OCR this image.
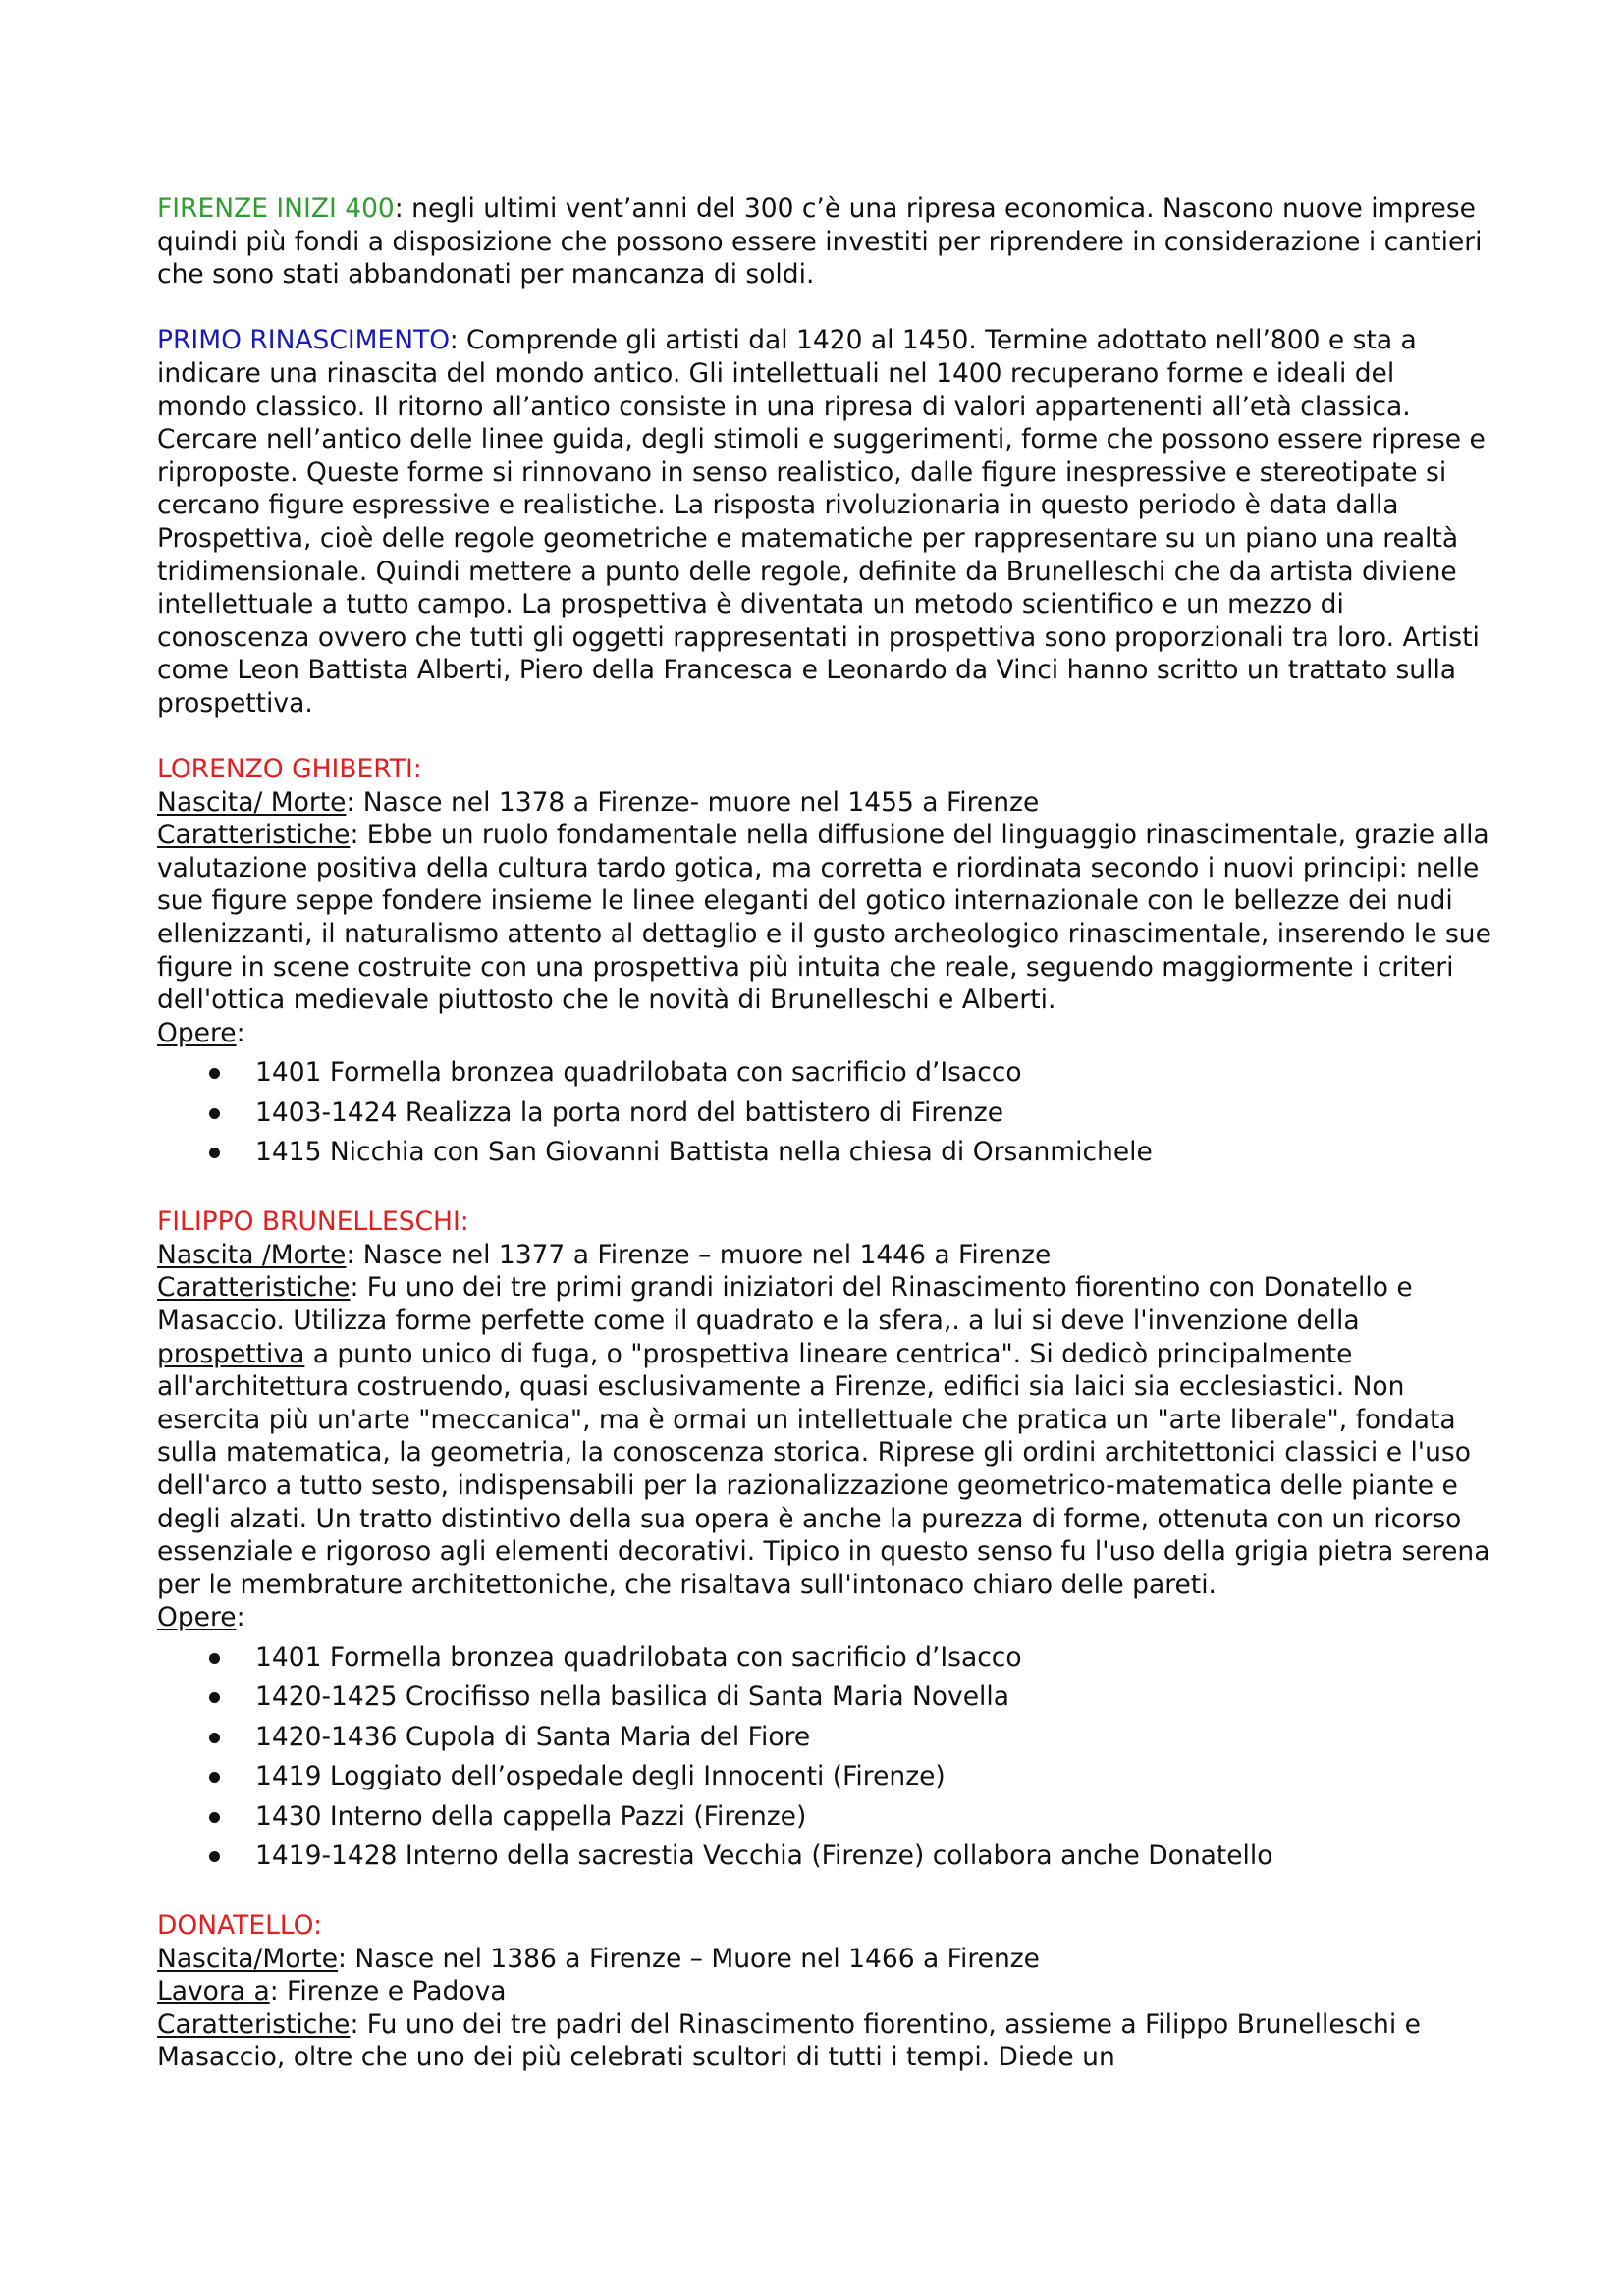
FIRENZE INIZI 400: negli ultimi vent’anni del 300 c’è una ripresa economica. Nascono nuove imprese quindi più fondi a disposizione che possono essere investiti per riprendere in considerazione i cantieri che sono stati abbandonati per mancanza di soldi.

PRIMO RINASCIMENTO: Comprende gli artisti dal 1420 al 1450. Termine adottato nell’800 e sta a indicare una rinascita del mondo antico. Gli intellettuali nel 1400 recuperano forme e ideali del mondo classico. Il ritorno all’antico consiste in una ripresa di valori appartenenti all’età classica. Cercare nell’antico delle linee guida, degli stimoli e suggerimenti, forme che possono essere riprese e riproposte. Queste forme si rinnovano in senso realistico, dalle figure inespressive e stereotipate si cercano figure espressive e realistiche. La risposta rivoluzionaria in questo periodo è data dalla Prospettiva, cioè delle regole geometriche e matematiche per rappresentare su un piano una realtà tridimensionale. Quindi mettere a punto delle regole, definite da Brunelleschi che da artista diviene intellettuale a tutto campo. La prospettiva è diventata un metodo scientifico e un mezzo di conoscenza ovvero che tutti gli oggetti rappresentati in prospettiva sono proporzionali tra loro. Artisti come Leon Battista Alberti, Piero della Francesca e Leonardo da Vinci hanno scritto un trattato sulla prospettiva.

LORENZO GHIBERTI:

Nascita/ Morte: Nasce nel 1378 a Firenze- muore nel 1455 a Firenze

Caratteristiche: Ebbe un ruolo fondamentale nella diffusione del linguaggio rinascimentale, grazie alla valutazione positiva della cultura tardo gotica, ma corretta e riordinata secondo i nuovi principi: nelle sue figure seppe fondere insieme le linee eleganti del gotico internazionale con le bellezze dei nudi ellenizzanti, il naturalismo attento al dettaglio e il gusto archeologico rinascimentale, inserendo le sue figure in scene costruite con una prospettiva più intuita che reale, seguendo maggiormente i criteri dell'ottica medievale piuttosto che le novità di Brunelleschi e Alberti.

Opere:

1401 Formella bronzea quadrilobata con sacrificio d’Isacco
1403-1424 Realizza la porta nord del battistero di Firenze
1415 Nicchia con San Giovanni Battista nella chiesa di Orsanmichele

FILIPPO BRUNELLESCHI:

Nascita /Morte: Nasce nel 1377 a Firenze – muore nel 1446 a Firenze

Caratteristiche: Fu uno dei tre primi grandi iniziatori del Rinascimento fiorentino con Donatello e Masaccio. Utilizza forme perfette come il quadrato e la sfera,. a lui si deve l'invenzione della prospettiva a punto unico di fuga, o "prospettiva lineare centrica". Si dedicò principalmente all'architettura costruendo, quasi esclusivamente a Firenze, edifici sia laici sia ecclesiastici. Non esercita più un'arte "meccanica", ma è ormai un intellettuale che pratica un "arte liberale", fondata sulla matematica, la geometria, la conoscenza storica. Riprese gli ordini architettonici classici e l'uso dell'arco a tutto sesto, indispensabili per la razionalizzazione geometrico-matematica delle piante e degli alzati. Un tratto distintivo della sua opera è anche la purezza di forme, ottenuta con un ricorso essenziale e rigoroso agli elementi decorativi. Tipico in questo senso fu l'uso della grigia pietra serena per le membrature architettoniche, che risaltava sull'intonaco chiaro delle pareti.

Opere:

1401 Formella bronzea quadrilobata con sacrificio d’Isacco
1420-1425 Crocifisso nella basilica di Santa Maria Novella
1420-1436 Cupola di Santa Maria del Fiore
1419 Loggiato dell’ospedale degli Innocenti (Firenze)
1430 Interno della cappella Pazzi (Firenze)
1419-1428 Interno della sacrestia Vecchia (Firenze) collabora anche Donatello

DONATELLO:

Nascita/Morte: Nasce nel 1386 a Firenze – Muore nel 1466 a Firenze

Lavora a: Firenze e Padova

Caratteristiche: Fu uno dei tre padri del Rinascimento fiorentino, assieme a Filippo Brunelleschi e Masaccio, oltre che uno dei più celebrati scultori di tutti i tempi. Diede un
